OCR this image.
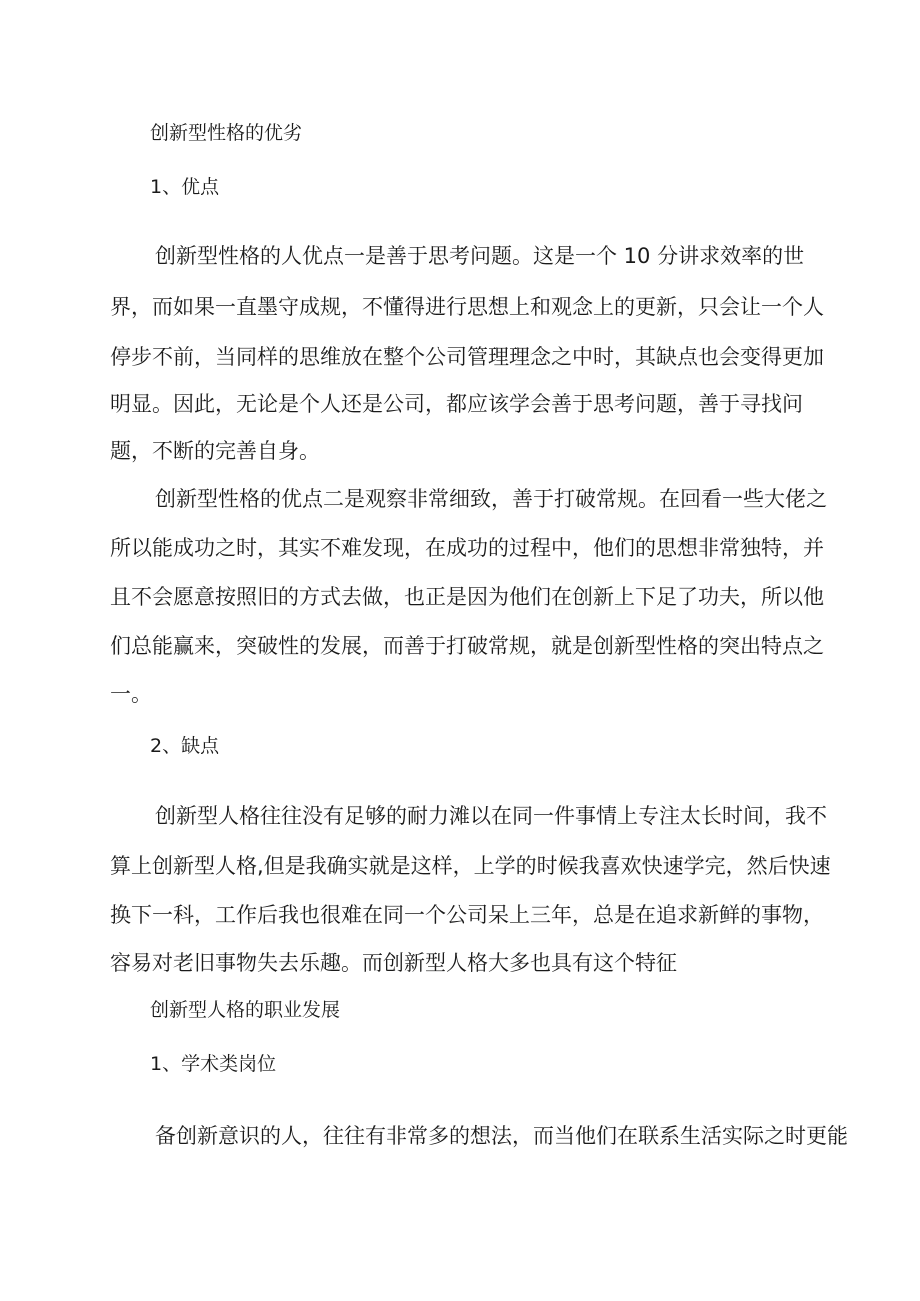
创新型性格的优劣
1、优点
创新型性格的人优点一是善于思考问题。这是一个 10 分讲求效率的世
界，而如果一直墨守成规，不懂得进行思想上和观念上的更新，只会让一个人
停步不前，当同样的思维放在整个公司管理理念之中时，其缺点也会变得更加
明显。因此，无论是个人还是公司，都应该学会善于思考问题，善于寻找问
题，不断的完善自身。
创新型性格的优点二是观察非常细致，善于打破常规。在回看一些大佬之
所以能成功之时，其实不难发现，在成功的过程中，他们的思想非常独特，并
且不会愿意按照旧的方式去做，也正是因为他们在创新上下足了功夫，所以他
们总能赢来，突破性的发展，而善于打破常规，就是创新型性格的突出特点之
一。
2、缺点
创新型人格往往没有足够的耐力滩以在同一件事情上专注太长时间，我不
算上创新型人格,但是我确实就是这样，上学的时候我喜欢快速学完，然后快速
换下一科，工作后我也很难在同一个公司呆上三年，总是在追求新鲜的事物，
容易对老旧事物失去乐趣。而创新型人格大多也具有这个特征
创新型人格的职业发展
1、学术类岗位
备创新意识的人，往往有非常多的想法，而当他们在联系生活实际之时更能
